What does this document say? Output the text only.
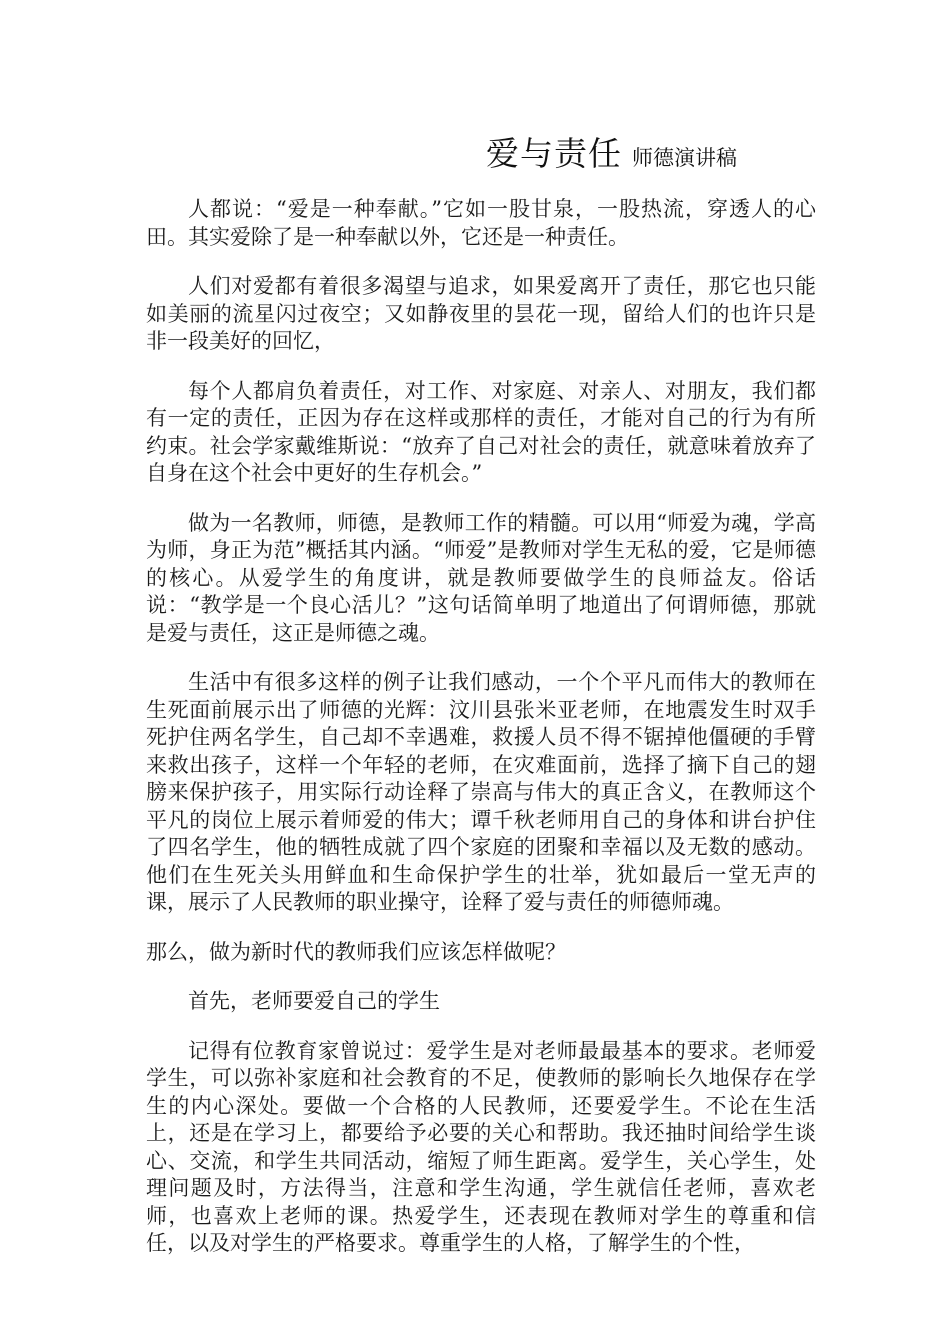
爱与责任 师德演讲稿

人都说：“爱是一种奉献。”它如一股甘泉，一股热流，穿透人的心田。其实爱除了是一种奉献以外，它还是一种责任。

人们对爱都有着很多渴望与追求，如果爱离开了责任，那它也只能如美丽的流星闪过夜空；又如静夜里的昙花一现，留给人们的也许只是非一段美好的回忆，

每个人都肩负着责任，对工作、对家庭、对亲人、对朋友，我们都有一定的责任，正因为存在这样或那样的责任，才能对自己的行为有所约束。社会学家戴维斯说：“放弃了自己对社会的责任，就意味着放弃了自身在这个社会中更好的生存机会。”

做为一名教师，师德，是教师工作的精髓。可以用“师爱为魂，学高为师，身正为范”概括其内涵。“师爱”是教师对学生无私的爱，它是师德的核心。从爱学生的角度讲，就是教师要做学生的良师益友。俗话说：“教学是一个良心活儿？”这句话简单明了地道出了何谓师德，那就是爱与责任，这正是师德之魂。

生活中有很多这样的例子让我们感动，一个个平凡而伟大的教师在生死面前展示出了师德的光辉：汶川县张米亚老师，在地震发生时双手死护住两名学生，自己却不幸遇难，救援人员不得不锯掉他僵硬的手臂来救出孩子，这样一个年轻的老师，在灾难面前，选择了摘下自己的翅膀来保护孩子，用实际行动诠释了崇高与伟大的真正含义，在教师这个平凡的岗位上展示着师爱的伟大；谭千秋老师用自己的身体和讲台护住了四名学生，他的牺牲成就了四个家庭的团聚和幸福以及无数的感动。他们在生死关头用鲜血和生命保护学生的壮举，犹如最后一堂无声的课，展示了人民教师的职业操守，诠释了爱与责任的师德师魂。

那么，做为新时代的教师我们应该怎样做呢？

首先，老师要爱自己的学生

记得有位教育家曾说过：爱学生是对老师最最基本的要求。老师爱学生，可以弥补家庭和社会教育的不足，使教师的影响长久地保存在学生的内心深处。要做一个合格的人民教师，还要爱学生。不论在生活上，还是在学习上，都要给予必要的关心和帮助。我还抽时间给学生谈心、交流，和学生共同活动，缩短了师生距离。爱学生，关心学生，处理问题及时，方法得当，注意和学生沟通，学生就信任老师，喜欢老师，也喜欢上老师的课。热爱学生，还表现在教师对学生的尊重和信任，以及对学生的严格要求。尊重学生的人格，了解学生的个性，
